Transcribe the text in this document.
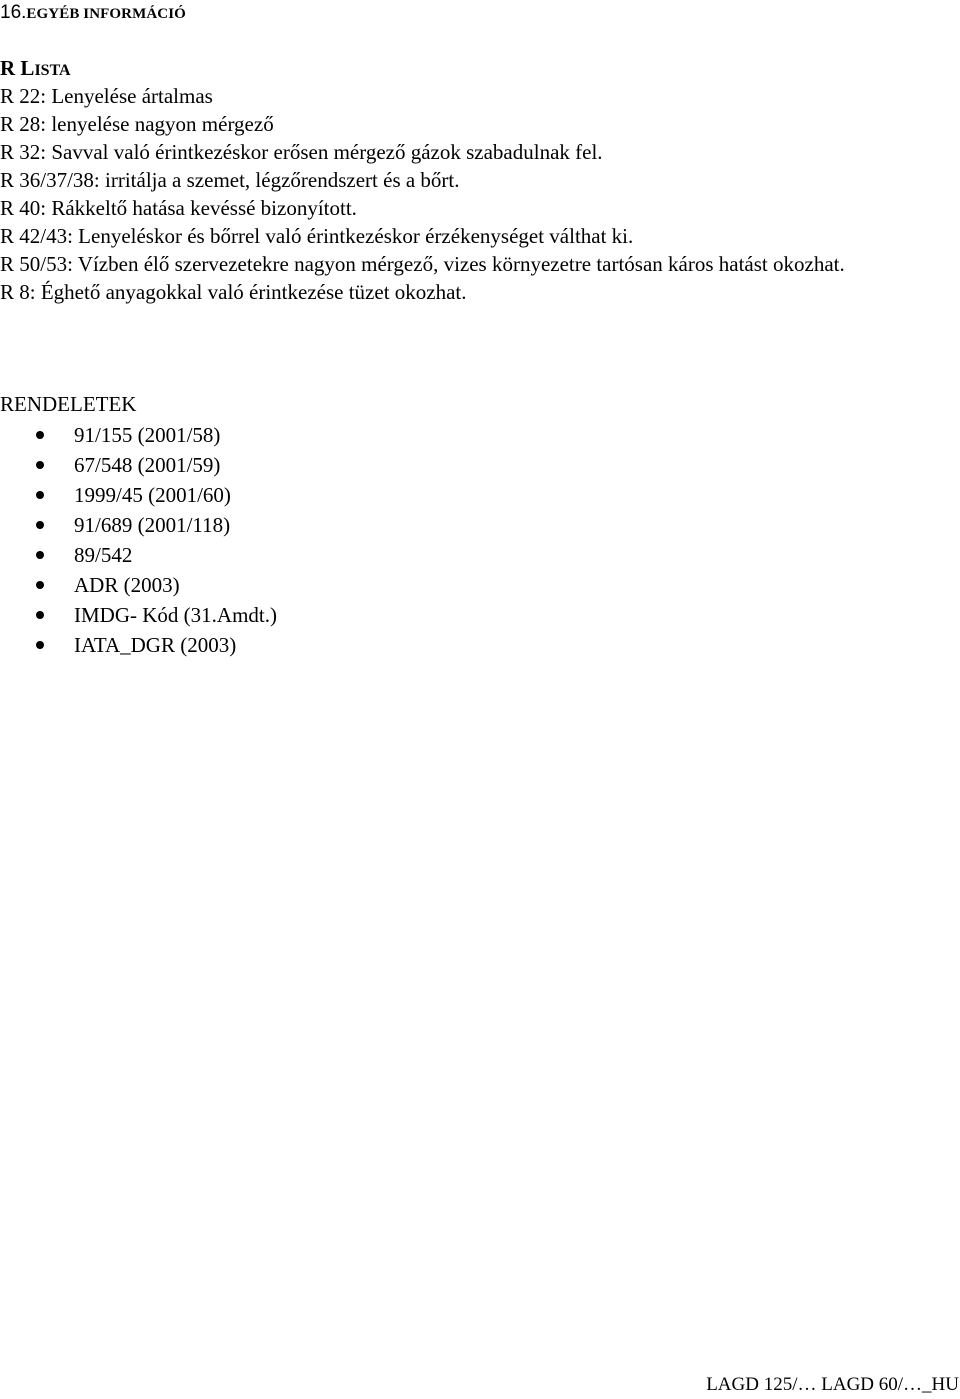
16.EGYÉB INFORMÁCIÓ
R LISTA
R 22: Lenyelése ártalmas
R 28: lenyelése nagyon mérgező
R 32: Savval való érintkezéskor erősen mérgező gázok szabadulnak fel.
R 36/37/38: irritálja a szemet, légzőrendszert és a bőrt.
R 40: Rákkeltő hatása kevéssé bizonyított.
R 42/43: Lenyeléskor és bőrrel való érintkezéskor érzékenységet válthat ki.
R 50/53: Vízben élő szervezetekre nagyon mérgező, vizes környezetre tartósan káros hatást okozhat.
R 8: Éghető anyagokkal való érintkezése tüzet okozhat.
RENDELETEK
91/155 (2001/58)
67/548 (2001/59)
1999/45 (2001/60)
91/689 (2001/118)
89/542
ADR (2003)
IMDG- Kód (31.Amdt.)
IATA_DGR (2003)
LAGD 125/… LAGD 60/…_HU
